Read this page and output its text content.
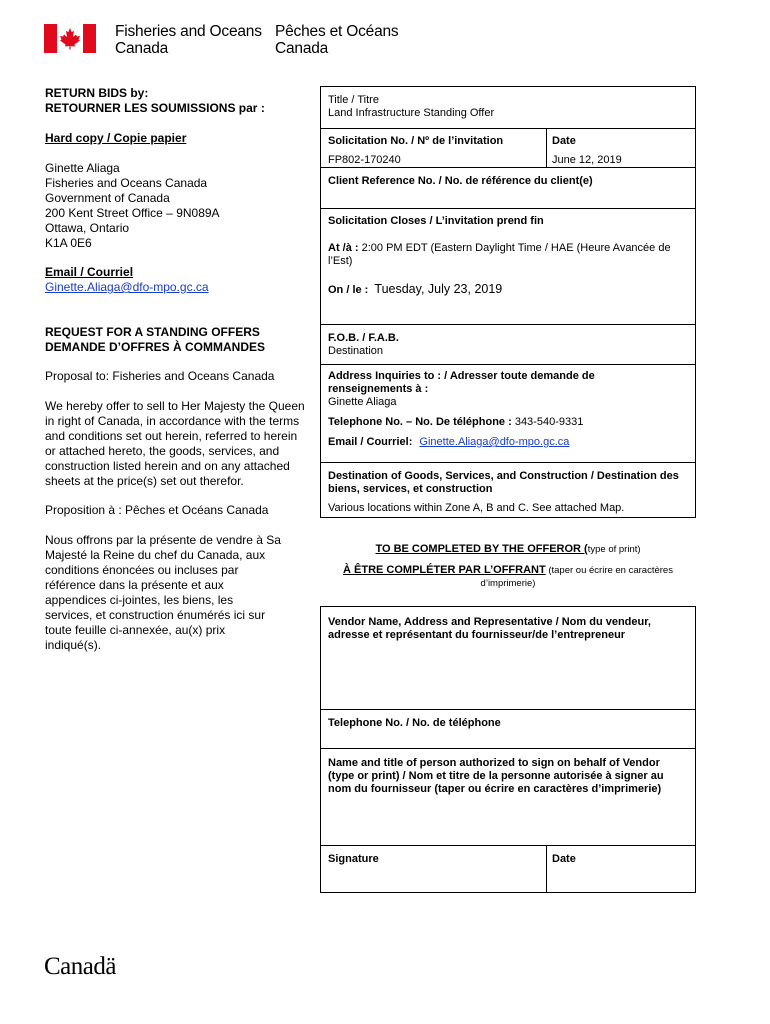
Fisheries and Oceans
Canada
Pêches et Océans
Canada
RETURN BIDS by:
RETOURNER LES SOUMISSIONS par :
Hard copy / Copie papier
Ginette Aliaga
Fisheries and Oceans Canada
Government of Canada
200 Kent Street Office – 9N089A
Ottawa, Ontario
K1A 0E6
Email / Courriel
Ginette.Aliaga@dfo-mpo.gc.ca
REQUEST FOR A STANDING OFFERS
DEMANDE D’OFFRES À COMMANDES
Proposal to: Fisheries and Oceans Canada
We hereby offer to sell to Her Majesty the Queen
in right of Canada, in accordance with the terms
and conditions set out herein, referred to herein
or attached hereto, the goods, services, and
construction listed herein and on any attached
sheets at the price(s) set out therefor.
Proposition à : Pêches et Océans Canada
Nous offrons par la présente de vendre à Sa
Majesté la Reine du chef du Canada, aux
conditions énoncées ou incluses par
référence dans la présente et aux
appendices ci-jointes, les biens, les
services, et construction énumérés ici sur
toute feuille ci-annexée, au(x) prix
indiqué(s).
Title / Titre
Land Infrastructure Standing Offer
Solicitation No. / Nº de l’invitation
FP802-170240
Date
June 12, 2019
Client Reference No. / No. de référence du client(e)
Solicitation Closes / L’invitation prend fin
At /à : 2:00 PM EDT (Eastern Daylight Time / HAE (Heure Avancée de
l’Est)
On / le : Tuesday, July 23, 2019
F.O.B. / F.A.B.
Destination
Address Inquiries to : / Adresser toute demande de
renseignements à :
Ginette Aliaga
Telephone No. – No. De téléphone : 343-540-9331
Email / Courriel: Ginette.Aliaga@dfo-mpo.gc.ca
Destination of Goods, Services, and Construction / Destination des
biens, services, et construction
Various locations within Zone A, B and C. See attached Map.
TO BE COMPLETED BY THE OFFEROR (type of print)
À ÊTRE COMPLÉTER PAR L’OFFRANT (taper ou écrire en caractères
d’imprimerie)
Vendor Name, Address and Representative / Nom du vendeur,
adresse et représentant du fournisseur/de l’entrepreneur
Telephone No. / No. de téléphone
Name and title of person authorized to sign on behalf of Vendor
(type or print) / Nom et titre de la personne autorisée à signer au
nom du fournisseur (taper ou écrire en caractères d’imprimerie)
Signature	Date
Canadä
